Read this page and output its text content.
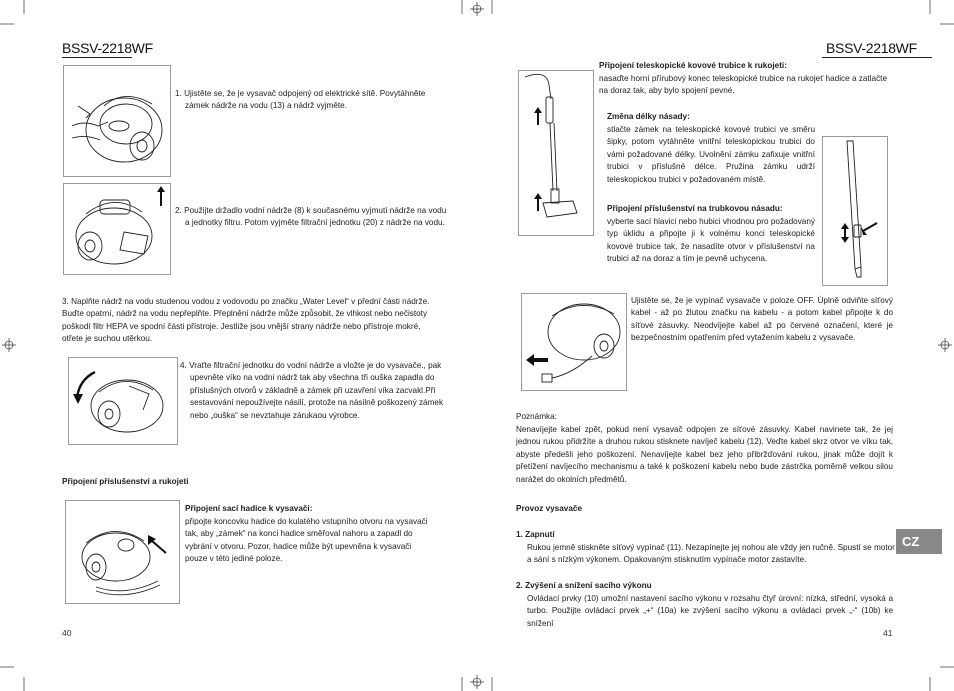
BSSV-2218WF
1. Ujistěte se, že je vysavač odpojený od elektrické sítě. Povytáhněte zámek nádrže na vodu (13) a nádrž vyjměte.
2. Použijte držadlo vodní nádrže (8) k současnému vyjmutí nádrže na vodu a jednotky filtru. Potom vyjměte filtrační jednotku (20) z nádrže na vodu.
3. Naplňte nádrž na vodu studenou vodou z vodovodu po značku „Water Level“ v přední části nádrže. Buďte opatrní, nádrž na vodu nepřeplňte. Přeplnění nádrže může způsobit, že vlhkost nebo nečistoty poškodí filtr HEPA ve spodní části přístroje. Jestliže jsou vnější strany nádrže nebo přístroje mokré, otřete je suchou utěrkou.
4. Vraťte filtrační jednotku do vodní nádrže a vložte je do vysavače., pak upevněte víko na vodní nádrž tak aby všechna tři ouška zapadla do příslušných otvorů v základně a zámek při uzavření víka zacvakl.Při sestavování nepoužívejte násilí, protože na násilně poškozený zámek nebo „ouška“ se nevztahuje zárukaou výrobce.
Připojení příslušenství a rukojeti
Připojení sací hadice k vysavači:
připojte koncovku hadice do kulatého vstupního otvoru na vysavači tak, aby „zámek“ na konci hadice směřoval nahoru a zapadl do vybrání v otvoru. Pozor, hadice může být upevněna k vysavači pouze v této jediné poloze.
40
BSSV-2218WF
Připojení teleskopické kovové trubice k rukojeti:
nasaďte horní přírubový konec teleskopické trubice na rukojeť hadice a zatlačte na doraz tak, aby bylo spojení pevné.
Změna délky násady:
stlačte zámek na teleskopické kovové trubici ve směru šipky, potom vytáhněte vnitřní teleskopickou trubici do vámi požadované délky. Uvolnění zámku zafixuje vnitřní trubici v příslušné délce. Pružina zámku udrží teleskopickou trubici v požadovaném místě.
Připojení příslušenství na trubkovou násadu:
vyberte sací hlavici nebo hubici vhodnou pro požadovaný typ úklidu a připojte ji k volnému konci teleskopické kovové trubice tak, že nasadíte otvor v příslušenství na trubici až na doraz a tím je pevně uchycena.
Ujistěte se, že je vypínač vysavače v poloze OFF. Úplně odviňte síťový kabel - až po žlutou značku na kabelu - a potom kabel připojte k do síťové zásuvky. Neodvíjejte kabel až po červené označení, které je bezpečnostním opatřením před vytažením kabelu z vysavače.
Poznámka:
Nenavíjejte kabel zpět, pokud není vysavač odpojen ze síťové zásuvky. Kabel navinete tak, že jej jednou rukou přidržíte a druhou rukou stisknete navíječ kabelu (12). Veďte kabel skrz otvor ve víku tak, abyste předešli jeho poškození. Nenavíjejte kabel bez jeho přibržďování rukou, jinak může dojít k přetížení navíjecího mechanismu a také k poškození kabelu nebo bude zástrčka poměrně velkou silou narážet do okolních předmětů.
Provoz vysavače
1. Zapnutí
Rukou jemně stiskněte síťový vypínač (11). Nezapínejte jej nohou ale vždy jen ručně. Spustí se motor a sání s nízkým výkonem. Opakovaným stisknutím vypínače motor zastavíte.
CZ
2. Zvýšení a snížení sacího výkonu
Ovládací prvky (10) umožní nastavení sacího výkonu v rozsahu čtyř úrovní: nízká, střední, vysoká a turbo. Použijte ovládací prvek „+“ (10a) ke zvýšení sacího výkonu a ovládací prvek „-“ (10b) ke snížení
41
